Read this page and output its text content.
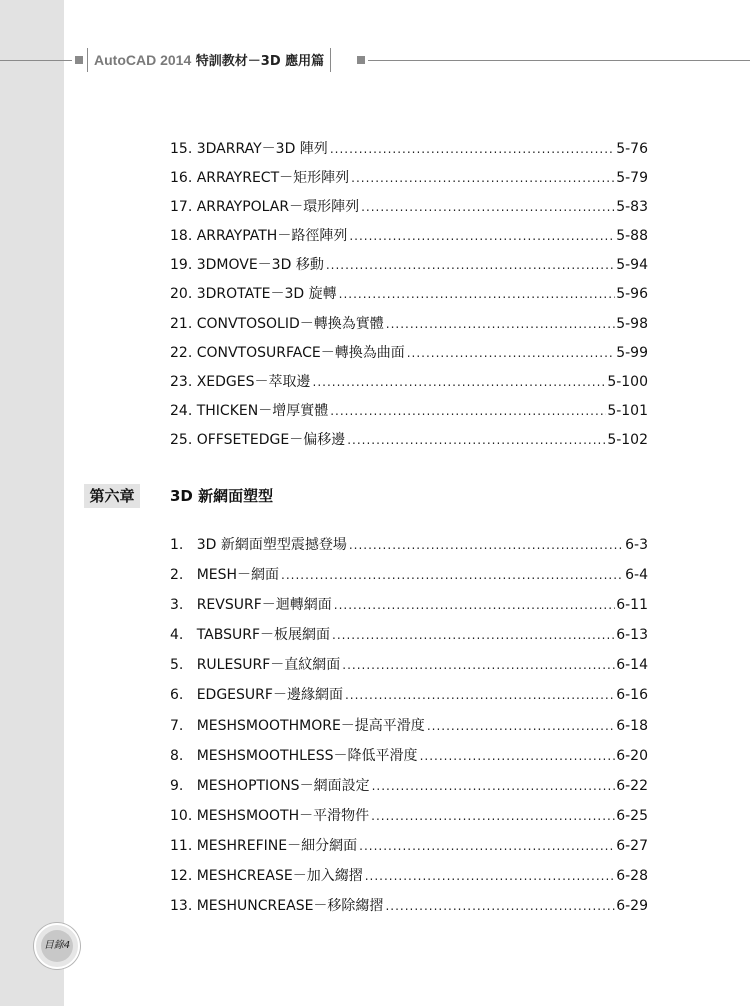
AutoCAD 2014 特訓教材－3D 應用篇
15. 3DARRAY－3D 陣列 .....	5-76
16. ARRAYRECT－矩形陣列 .....	5-79
17. ARRAYPOLAR－環形陣列 .....	5-83
18. ARRAYPATH－路徑陣列 .....	5-88
19. 3DMOVE－3D 移動 .....	5-94
20. 3DROTATE－3D 旋轉 .....	5-96
21. CONVTOSOLID－轉換為實體 .....	5-98
22. CONVTOSURFACE－轉換為曲面 .....	5-99
23. XEDGES－萃取邊 .....	5-100
24. THICKEN－增厚實體 .....	5-101
25. OFFSETEDGE－偏移邊 .....	5-102
第六章	3D 新網面塑型
1.   3D 新網面塑型震撼登場 .....	6-3
2.   MESH－網面 .....	6-4
3.   REVSURF－迴轉網面 .....	6-11
4.   TABSURF－板展網面 .....	6-13
5.   RULESURF－直紋網面 .....	6-14
6.   EDGESURF－邊緣網面 .....	6-16
7.   MESHSMOOTHMORE－提高平滑度 .....	6-18
8.   MESHSMOOTHLESS－降低平滑度 .....	6-20
9.   MESHOPTIONS－網面設定 .....	6-22
10. MESHSMOOTH－平滑物件 .....	6-25
11. MESHREFINE－細分網面 .....	6-27
12. MESHCREASE－加入縐摺 .....	6-28
13. MESHUNCREASE－移除縐摺 .....	6-29
目錄4
